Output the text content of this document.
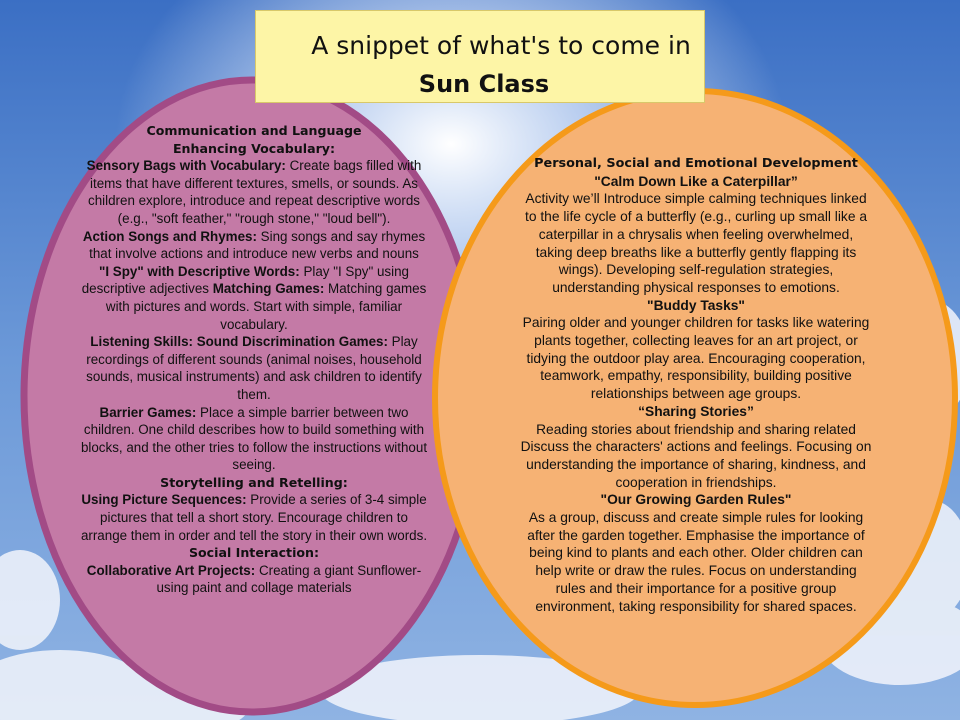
A snippet of what's to come in
Sun Class

Communication and Language

Enhancing Vocabulary:

Sensory Bags with Vocabulary: Create bags filled with items that have different textures, smells, or sounds. As children explore, introduce and repeat descriptive words (e.g., "soft feather," "rough stone," "loud bell").

Action Songs and Rhymes: Sing songs and say rhymes that involve actions and introduce new verbs and nouns

"I Spy" with Descriptive Words: Play "I Spy" using descriptive adjectives Matching Games: Matching games with pictures and words. Start with simple, familiar vocabulary.

Listening Skills: Sound Discrimination Games: Play recordings of different sounds (animal noises, household sounds, musical instruments) and ask children to identify them.

Barrier Games: Place a simple barrier between two children. One child describes how to build something with blocks, and the other tries to follow the instructions without seeing.

Storytelling and Retelling:

Using Picture Sequences: Provide a series of 3-4 simple pictures that tell a short story. Encourage children to arrange them in order and tell the story in their own words.

Social Interaction:

Collaborative Art Projects: Creating a giant Sunflower- using paint and collage materials

Personal, Social and Emotional Development

"Calm Down Like a Caterpillar”

Activity we’ll Introduce simple calming techniques linked to the life cycle of a butterfly (e.g., curling up small like a caterpillar in a chrysalis when feeling overwhelmed, taking deep breaths like a butterfly gently flapping its wings). Developing self-regulation strategies, understanding physical responses to emotions.

"Buddy Tasks"

Pairing older and younger children for tasks like watering plants together, collecting leaves for an art project, or tidying the outdoor play area. Encouraging cooperation, teamwork, empathy, responsibility, building positive relationships between age groups.

“Sharing Stories”

Reading stories about friendship and sharing related Discuss the characters' actions and feelings. Focusing on understanding the importance of sharing, kindness, and cooperation in friendships.

"Our Growing Garden Rules"

As a group, discuss and create simple rules for looking after the garden together. Emphasise the importance of being kind to plants and each other. Older children can help write or draw the rules. Focus on understanding rules and their importance for a positive group environment, taking responsibility for shared spaces.
